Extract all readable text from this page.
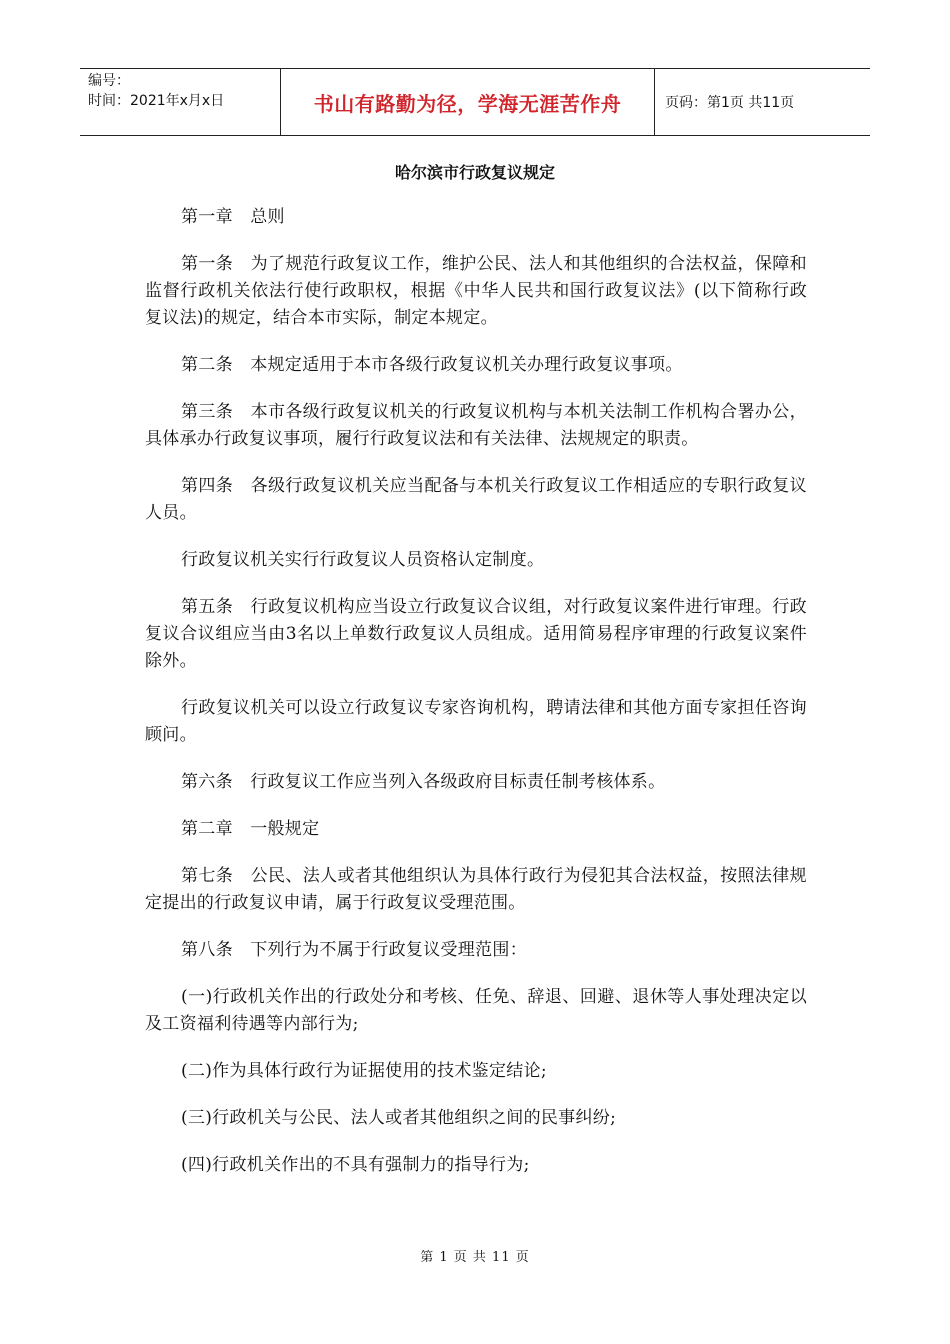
编号：
时间：2021年x月x日	书山有路勤为径，学海无涯苦作舟	页码：第1页 共11页
哈尔滨市行政复议规定

第一章　总则

第一条　为了规范行政复议工作，维护公民、法人和其他组织的合法权益，保障和监督行政机关依法行使行政职权，根据《中华人民共和国行政复议法》(以下简称行政复议法)的规定，结合本市实际，制定本规定。

第二条　本规定适用于本市各级行政复议机关办理行政复议事项。

第三条　本市各级行政复议机关的行政复议机构与本机关法制工作机构合署办公，具体承办行政复议事项，履行行政复议法和有关法律、法规规定的职责。

第四条　各级行政复议机关应当配备与本机关行政复议工作相适应的专职行政复议人员。

行政复议机关实行行政复议人员资格认定制度。

第五条　行政复议机构应当设立行政复议合议组，对行政复议案件进行审理。行政复议合议组应当由3名以上单数行政复议人员组成。适用简易程序审理的行政复议案件除外。

行政复议机关可以设立行政复议专家咨询机构，聘请法律和其他方面专家担任咨询顾问。

第六条　行政复议工作应当列入各级政府目标责任制考核体系。

第二章　一般规定

第七条　公民、法人或者其他组织认为具体行政行为侵犯其合法权益，按照法律规定提出的行政复议申请，属于行政复议受理范围。

第八条　下列行为不属于行政复议受理范围：

(一)行政机关作出的行政处分和考核、任免、辞退、回避、退休等人事处理决定以及工资福利待遇等内部行为;

(二)作为具体行政行为证据使用的技术鉴定结论;

(三)行政机关与公民、法人或者其他组织之间的民事纠纷;

(四)行政机关作出的不具有强制力的指导行为;

第 1 页 共 11 页
